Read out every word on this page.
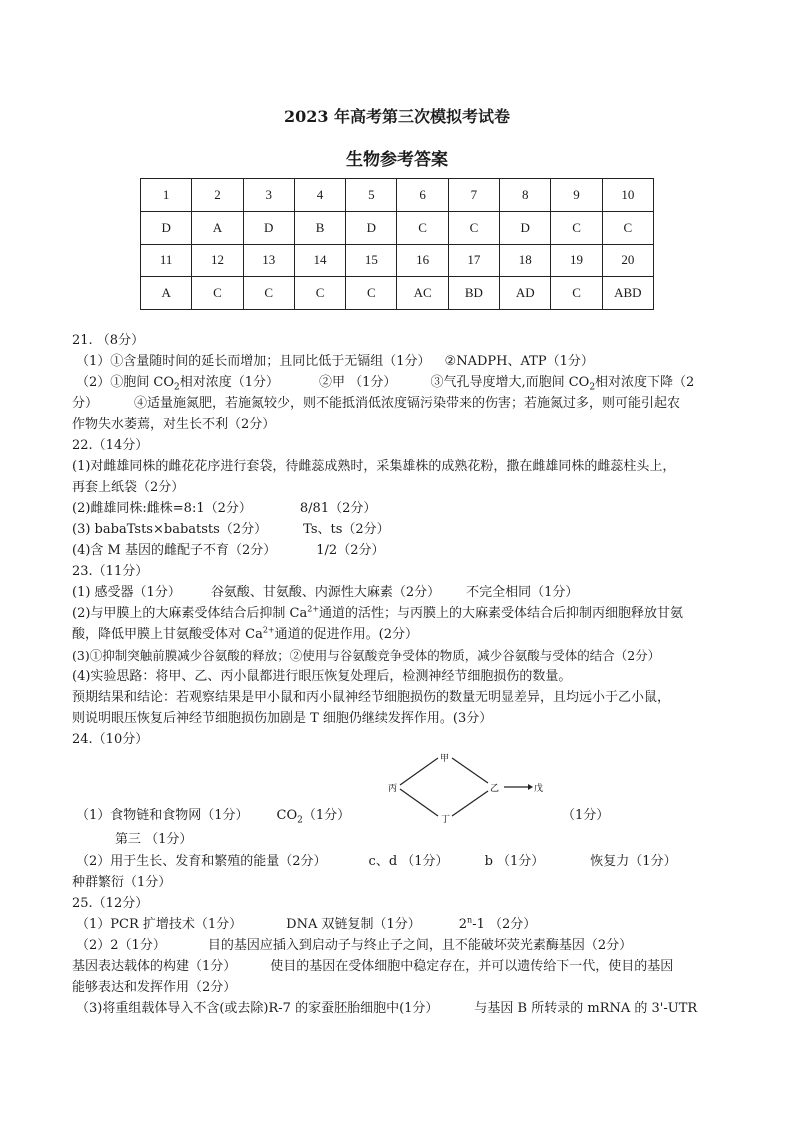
2023 年高考第三次模拟考试卷
生物参考答案
1	2	3	4	5	6	7	8	9	10
D	A	D	B	D	C	C	D	C	C
11	12	13	14	15	16	17	18	19	20
A	C	C	C	C	AC	BD	AD	C	ABD
21. （8分）
（1）①含量随时间的延长而增加；且同比低于无镉组（1分） ②NADPH、ATP（1分）
（2）①胞间 $CO_2$相对浓度（1分）	②甲 （1分）	③气孔导度增大,而胞间 $CO_2$相对浓度下降（2
分）	④适量施氮肥，若施氮较少，则不能抵消低浓度镉污染带来的伤害；若施氮过多，则可能引起农
作物失水萎蔫，对生长不利（2分）
22.（14分）
(1)对雌雄同株的雌花花序进行套袋，待雌蕊成熟时，采集雄株的成熟花粉，撒在雌雄同株的雌蕊柱头上，
再套上纸袋（2分）
(2)雌雄同株:雌株=8:1（2分）	8/81（2分）
(3) babaTsts×babatsts（2分）	Ts、ts（2分）
(4)含 M 基因的雌配子不育（2分）	1/2（2分）
23.（11分）
(1) 感受器（1分） 谷氨酸、甘氨酸、内源性大麻素（2分） 不完全相同（1分）
(2)与甲膜上的大麻素受体结合后抑制 $Ca^{2+}$通道的活性；与丙膜上的大麻素受体结合后抑制丙细胞释放甘氨
酸，降低甲膜上甘氨酸受体对 $Ca^{2+}$通道的促进作用。(2分）
(3)①抑制突触前膜减少谷氨酸的释放；②使用与谷氨酸竞争受体的物质，减少谷氨酸与受体的结合（2分）
(4)实验思路：将甲、乙、丙小鼠都进行眼压恢复处理后，检测神经节细胞损伤的数量。
预期结果和结论：若观察结果是甲小鼠和丙小鼠神经节细胞损伤的数量无明显差异，且均远小于乙小鼠，
则说明眼压恢复后神经节细胞损伤加剧是 T 细胞仍继续发挥作用。(3分）
24.（10分）
丙
甲
丁
乙	戊
（1）食物链和食物网（1分） $CO_2(1$分）	（1分）
第三 （1分）
（2）用于生长、发育和繁殖的能量（2分）	c、d （1分）	b （1分）	恢复力（1分）
种群繁衍（1分）
25.（12分）
（1）PCR 扩增技术（1分）	DNA 双链复制（1分）	2$^n$-1 （2分）
（2）2（1分）	目的基因应插入到启动子与终止子之间，且不能破坏荧光素酶基因（2分）
基因表达载体的构建（1分）	使目的基因在受体细胞中稳定存在，并可以遗传给下一代，使目的基因
能够表达和发挥作用（2分）
（3)将重组载体导入不含(或去除)R-7 的家蚕胚胎细胞中(1分）	与基因 B 所转录的 mRNA 的 3'-UTR
